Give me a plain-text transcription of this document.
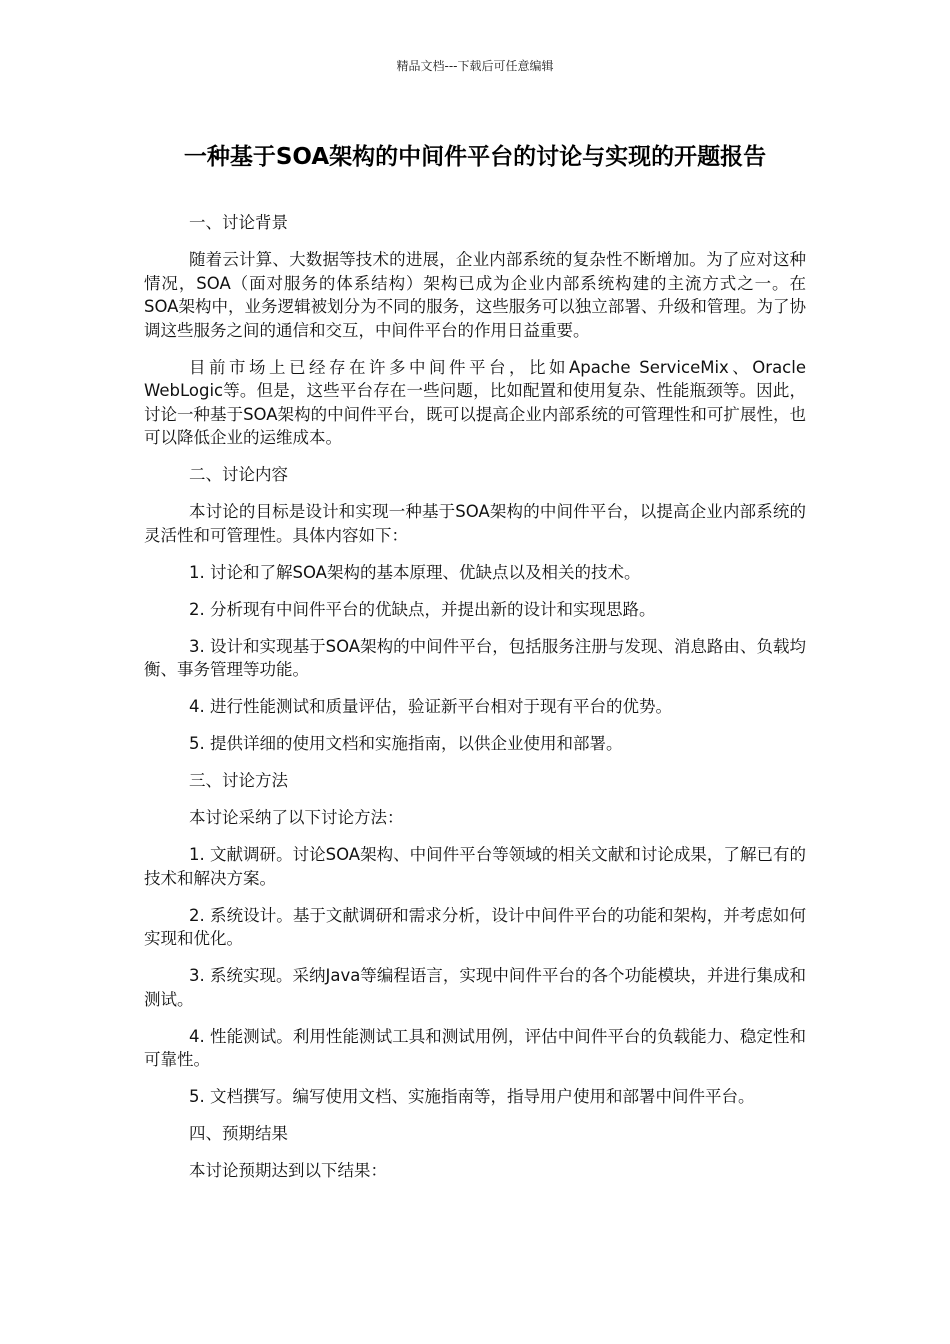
精品文档---下载后可任意编辑
一种基于SOA架构的中间件平台的讨论与实现的开题报告

一、讨论背景

随着云计算、大数据等技术的进展，企业内部系统的复杂性不断增加。为了应对这种情况，SOA（面对服务的体系结构）架构已成为企业内部系统构建的主流方式之一。在SOA架构中，业务逻辑被划分为不同的服务，这些服务可以独立部署、升级和管理。为了协调这些服务之间的通信和交互，中间件平台的作用日益重要。

目前市场上已经存在许多中间件平台，比如Apache ServiceMix、Oracle WebLogic等。但是，这些平台存在一些问题，比如配置和使用复杂、性能瓶颈等。因此，讨论一种基于SOA架构的中间件平台，既可以提高企业内部系统的可管理性和可扩展性，也可以降低企业的运维成本。

二、讨论内容

本讨论的目标是设计和实现一种基于SOA架构的中间件平台，以提高企业内部系统的灵活性和可管理性。具体内容如下：

1. 讨论和了解SOA架构的基本原理、优缺点以及相关的技术。

2. 分析现有中间件平台的优缺点，并提出新的设计和实现思路。

3. 设计和实现基于SOA架构的中间件平台，包括服务注册与发现、消息路由、负载均衡、事务管理等功能。

4. 进行性能测试和质量评估，验证新平台相对于现有平台的优势。

5. 提供详细的使用文档和实施指南，以供企业使用和部署。

三、讨论方法

本讨论采纳了以下讨论方法：

1. 文献调研。讨论SOA架构、中间件平台等领域的相关文献和讨论成果，了解已有的技术和解决方案。

2. 系统设计。基于文献调研和需求分析，设计中间件平台的功能和架构，并考虑如何实现和优化。

3. 系统实现。采纳Java等编程语言，实现中间件平台的各个功能模块，并进行集成和测试。

4. 性能测试。利用性能测试工具和测试用例，评估中间件平台的负载能力、稳定性和可靠性。

5. 文档撰写。编写使用文档、实施指南等，指导用户使用和部署中间件平台。

四、预期结果

本讨论预期达到以下结果：
